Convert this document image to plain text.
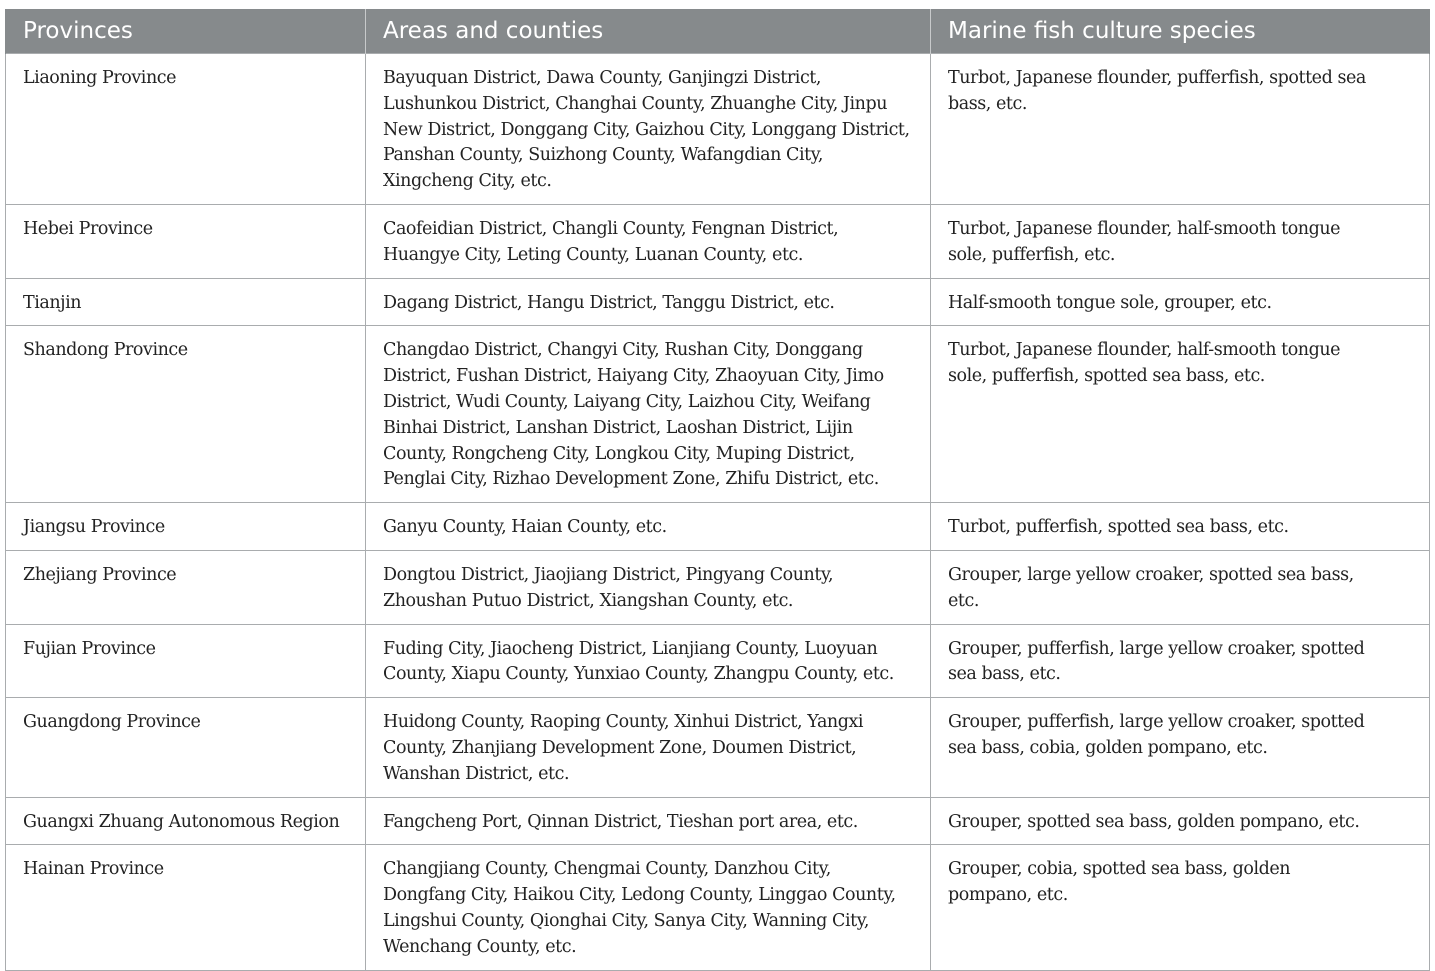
Provinces	Areas and counties	Marine fish culture species
Liaoning Province	Bayuquan District, Dawa County, Ganjingzi District, Lushunkou District, Changhai County, Zhuanghe City, Jinpu New District, Donggang City, Gaizhou City, Longgang District, Panshan County, Suizhong County, Wafangdian City, Xingcheng City, etc.	Turbot, Japanese flounder, pufferfish, spotted sea bass, etc.
Hebei Province	Caofeidian District, Changli County, Fengnan District, Huangye City, Leting County, Luanan County, etc.	Turbot, Japanese flounder, half-smooth tongue sole, pufferfish, etc.
Tianjin	Dagang District, Hangu District, Tanggu District, etc.	Half-smooth tongue sole, grouper, etc.
Shandong Province	Changdao District, Changyi City, Rushan City, Donggang District, Fushan District, Haiyang City, Zhaoyuan City, Jimo District, Wudi County, Laiyang City, Laizhou City, Weifang Binhai District, Lanshan District, Laoshan District, Lijin County, Rongcheng City, Longkou City, Muping District, Penglai City, Rizhao Development Zone, Zhifu District, etc.	Turbot, Japanese flounder, half-smooth tongue sole, pufferfish, spotted sea bass, etc.
Jiangsu Province	Ganyu County, Haian County, etc.	Turbot, pufferfish, spotted sea bass, etc.
Zhejiang Province	Dongtou District, Jiaojiang District, Pingyang County, Zhoushan Putuo District, Xiangshan County, etc.	Grouper, large yellow croaker, spotted sea bass, etc.
Fujian Province	Fuding City, Jiaocheng District, Lianjiang County, Luoyuan County, Xiapu County, Yunxiao County, Zhangpu County, etc.	Grouper, pufferfish, large yellow croaker, spotted sea bass, etc.
Guangdong Province	Huidong County, Raoping County, Xinhui District, Yangxi County, Zhanjiang Development Zone, Doumen District, Wanshan District, etc.	Grouper, pufferfish, large yellow croaker, spotted sea bass, cobia, golden pompano, etc.
Guangxi Zhuang Autonomous Region	Fangcheng Port, Qinnan District, Tieshan port area, etc.	Grouper, spotted sea bass, golden pompano, etc.
Hainan Province	Changjiang County, Chengmai County, Danzhou City, Dongfang City, Haikou City, Ledong County, Linggao County, Lingshui County, Qionghai City, Sanya City, Wanning City, Wenchang County, etc.	Grouper, cobia, spotted sea bass, golden pompano, etc.
